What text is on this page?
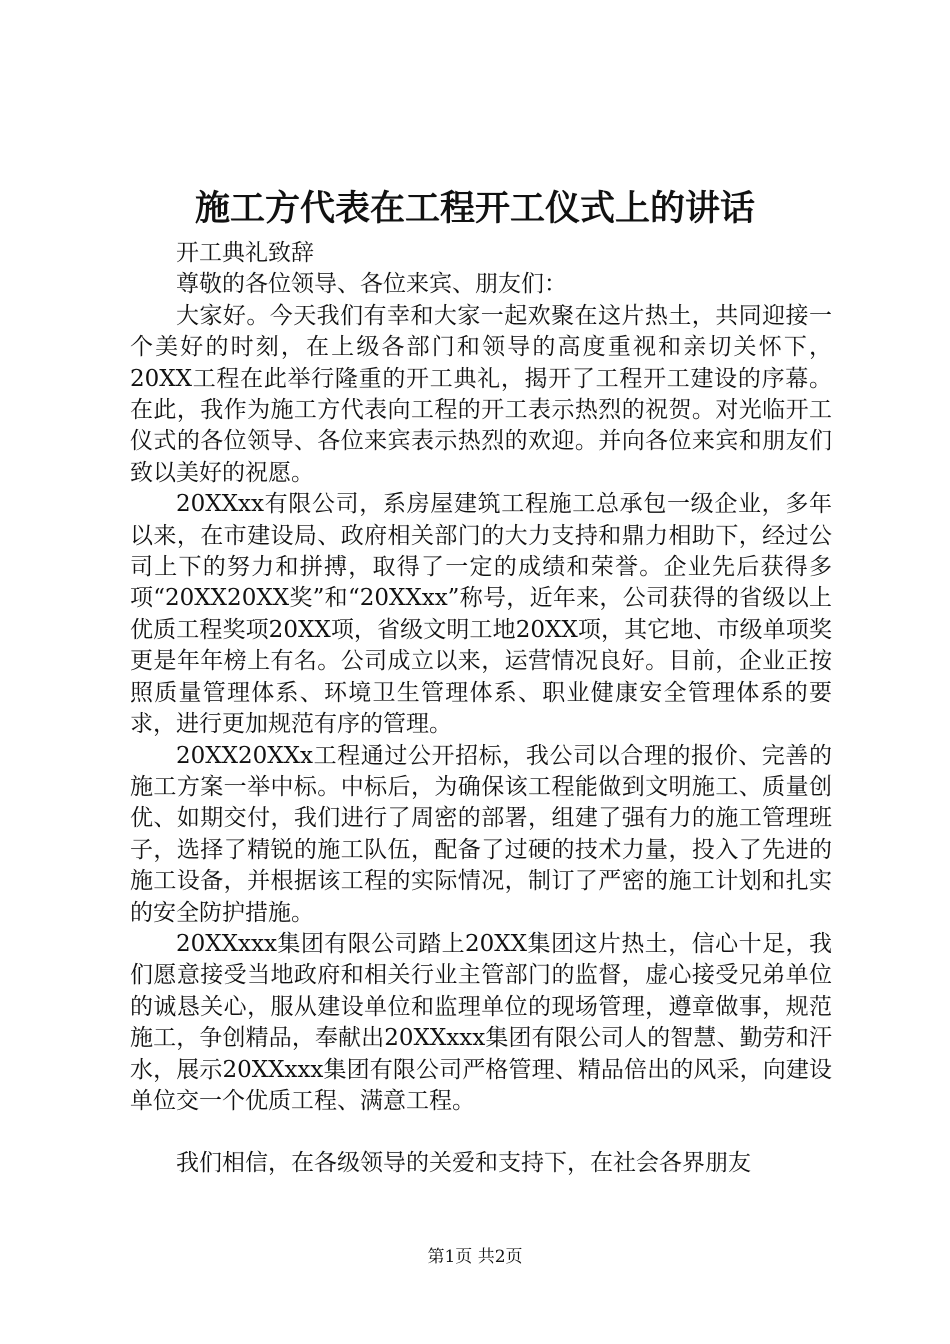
施工方代表在工程开工仪式上的讲话

开工典礼致辞

尊敬的各位领导、各位来宾、朋友们：

大家好。今天我们有幸和大家一起欢聚在这片热土，共同迎接一个美好的时刻，在上级各部门和领导的高度重视和亲切关怀下，20XX工程在此举行隆重的开工典礼，揭开了工程开工建设的序幕。在此，我作为施工方代表向工程的开工表示热烈的祝贺。对光临开工仪式的各位领导、各位来宾表示热烈的欢迎。并向各位来宾和朋友们致以美好的祝愿。

20XXxx有限公司，系房屋建筑工程施工总承包一级企业，多年以来，在市建设局、政府相关部门的大力支持和鼎力相助下，经过公司上下的努力和拼搏，取得了一定的成绩和荣誉。企业先后获得多项“20XX20XX奖”和“20XXxx”称号，近年来，公司获得的省级以上优质工程奖项20XX项，省级文明工地20XX项，其它地、市级单项奖更是年年榜上有名。公司成立以来，运营情况良好。目前，企业正按照质量管理体系、环境卫生管理体系、职业健康安全管理体系的要求，进行更加规范有序的管理。

20XX20XXx工程通过公开招标，我公司以合理的报价、完善的施工方案一举中标。中标后，为确保该工程能做到文明施工、质量创优、如期交付，我们进行了周密的部署，组建了强有力的施工管理班子，选择了精锐的施工队伍，配备了过硬的技术力量，投入了先进的施工设备，并根据该工程的实际情况，制订了严密的施工计划和扎实的安全防护措施。

20XXxxx集团有限公司踏上20XX集团这片热土，信心十足，我们愿意接受当地政府和相关行业主管部门的监督，虚心接受兄弟单位的诚恳关心，服从建设单位和监理单位的现场管理，遵章做事，规范施工，争创精品，奉献出20XXxxx集团有限公司人的智慧、勤劳和汗水，展示20XXxxx集团有限公司严格管理、精品倍出的风采，向建设单位交一个优质工程、满意工程。

我们相信，在各级领导的关爱和支持下，在社会各界朋友

第1页 共2页
